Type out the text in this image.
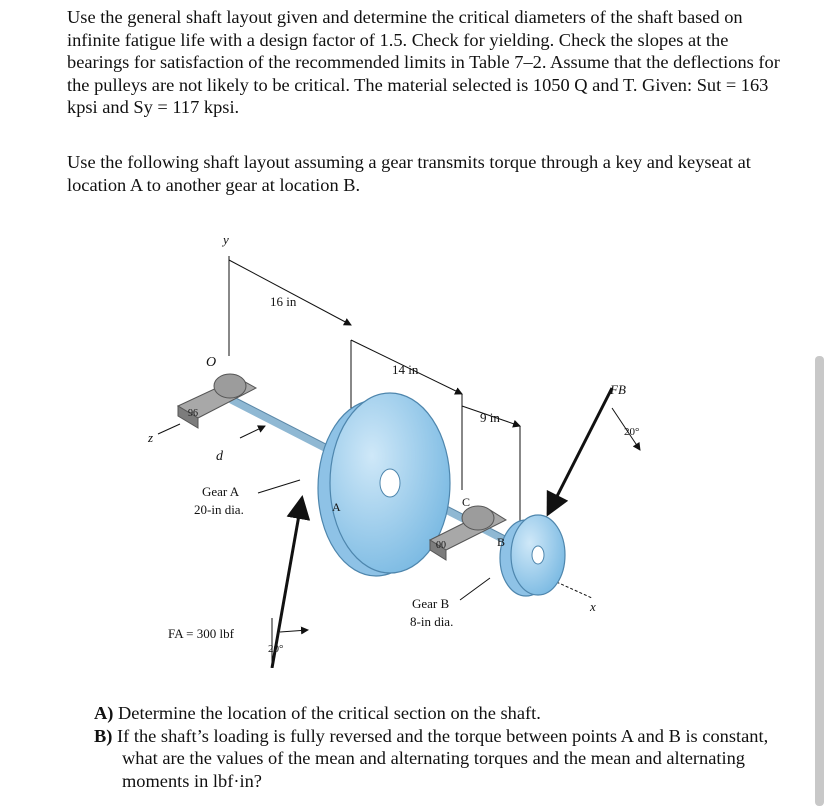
Use the general shaft layout given and determine the critical diameters of the shaft based on infinite fatigue life with a design factor of 1.5. Check for yielding. Check the slopes at the bearings for satisfaction of the recommended limits in Table 7–2. Assume that the deflections for the pulleys are not likely to be critical. The material selected is 1050 Q and T. Given: Sut = 163 kpsi and Sy = 117 kpsi.

Use the following shaft layout assuming a gear transmits torque through a key and keyseat at location A to another gear at location B.

y
z
x
O
16 in
14 in
9 in
96
d
A
Gear A
20-in dia.
FA = 300 lbf
20°
00
C
B
Gear B
8-in dia.
FB
20°

A) Determine the location of the critical section on the shaft.

B) If the shaft’s loading is fully reversed and the torque between points A and B is constant, what are the values of the mean and alternating torques and the mean and alternating moments in lbf·in?
